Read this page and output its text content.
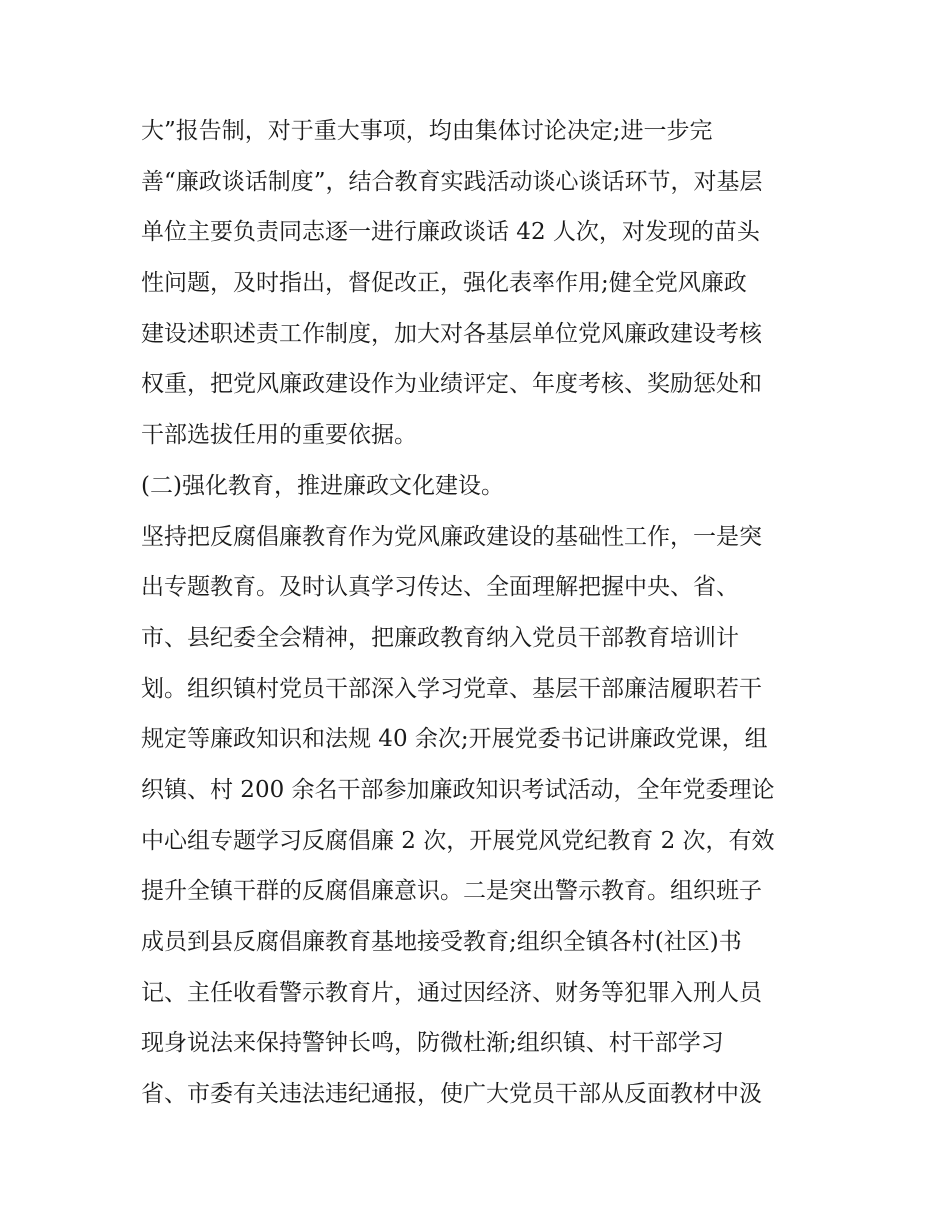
大”报告制，对于重大事项，均由集体讨论决定;进一步完
善“廉政谈话制度”，结合教育实践活动谈心谈话环节，对基层
单位主要负责同志逐一进行廉政谈话 42 人次，对发现的苗头
性问题，及时指出，督促改正，强化表率作用;健全党风廉政
建设述职述责工作制度，加大对各基层单位党风廉政建设考核
权重，把党风廉政建设作为业绩评定、年度考核、奖励惩处和
干部选拔任用的重要依据。
(二)强化教育，推进廉政文化建设。
坚持把反腐倡廉教育作为党风廉政建设的基础性工作，一是突
出专题教育。及时认真学习传达、全面理解把握中央、省、
市、县纪委全会精神，把廉政教育纳入党员干部教育培训计
划。组织镇村党员干部深入学习党章、基层干部廉洁履职若干
规定等廉政知识和法规 40 余次;开展党委书记讲廉政党课，组
织镇、村 200 余名干部参加廉政知识考试活动，全年党委理论
中心组专题学习反腐倡廉 2 次，开展党风党纪教育 2 次，有效
提升全镇干群的反腐倡廉意识。二是突出警示教育。组织班子
成员到县反腐倡廉教育基地接受教育;组织全镇各村(社区)书
记、主任收看警示教育片，通过因经济、财务等犯罪入刑人员
现身说法来保持警钟长鸣，防微杜渐;组织镇、村干部学习
省、市委有关违法违纪通报，使广大党员干部从反面教材中汲
